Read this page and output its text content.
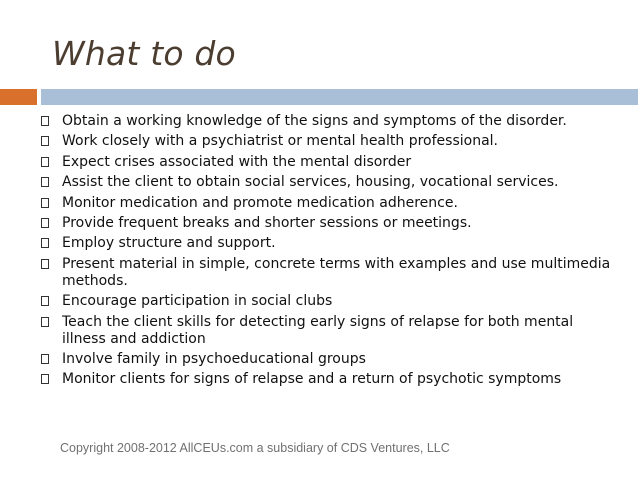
What to do
Obtain a working knowledge of the signs and symptoms of the disorder.
Work closely with a psychiatrist or mental health professional.
Expect crises associated with the mental disorder
Assist the client to obtain social services, housing, vocational services.
Monitor medication and promote medication adherence.
Provide frequent breaks and shorter sessions or meetings.
Employ structure and support.
Present material in simple, concrete terms with examples and use multimedia methods.
Encourage participation in social clubs
Teach the client skills for detecting early signs of relapse for both mental illness and addiction
Involve family in psychoeducational groups
Monitor clients for signs of relapse and a return of psychotic symptoms
Copyright 2008-2012 AllCEUs.com a subsidiary of CDS Ventures, LLC
